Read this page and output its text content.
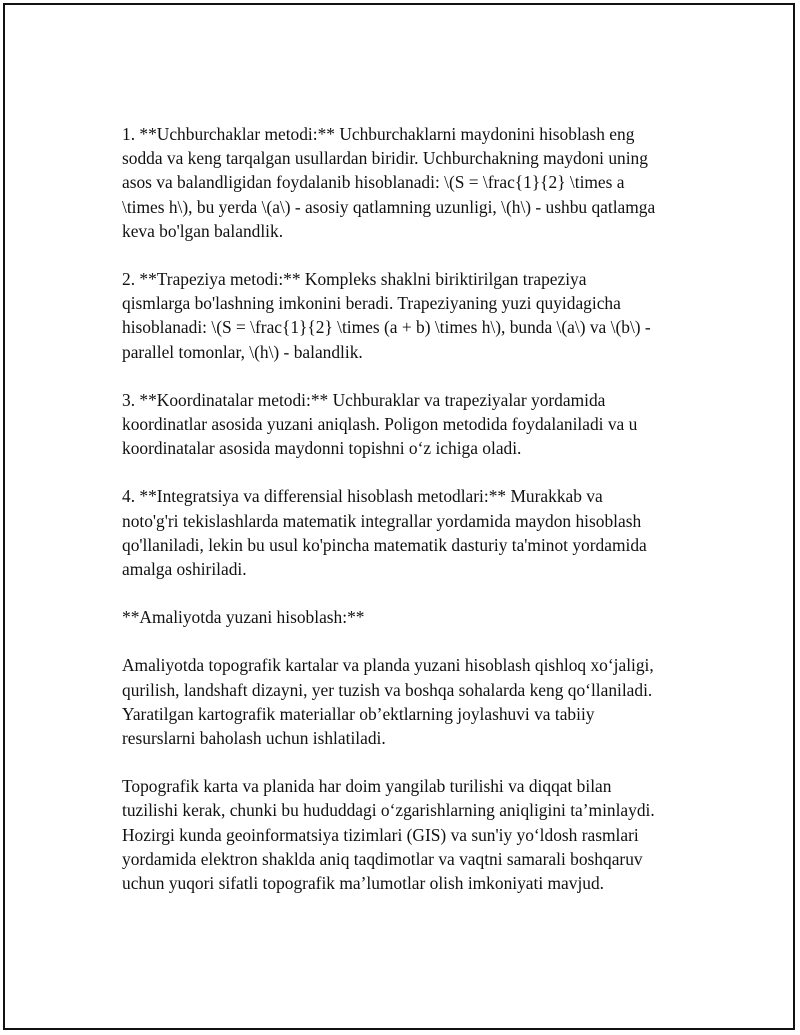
1. **Uchburchaklar metodi:** Uchburchaklarni maydonini hisoblash eng
sodda va keng tarqalgan usullardan biridir. Uchburchakning maydoni uning
asos va balandligidan foydalanib hisoblanadi: \(S = \frac{1}{2} \times a
\times h\), bu yerda \(a\) - asosiy qatlamning uzunligi, \(h\) - ushbu qatlamga
keva bo'lgan balandlik.

2. **Trapeziya metodi:** Kompleks shaklni biriktirilgan trapeziya
qismlarga bo'lashning imkonini beradi. Trapeziyaning yuzi quyidagicha
hisoblanadi: \(S = \frac{1}{2} \times (a + b) \times h\), bunda \(a\) va \(b\) -
parallel tomonlar, \(h\) - balandlik.

3. **Koordinatalar metodi:** Uchburaklar va trapeziyalar yordamida
koordinatlar asosida yuzani aniqlash. Poligon metodida foydalaniladi va u
koordinatalar asosida maydonni topishni o‘z ichiga oladi.

4. **Integratsiya va differensial hisoblash metodlari:** Murakkab va
noto'g'ri tekislashlarda matematik integrallar yordamida maydon hisoblash
qo'llaniladi, lekin bu usul ko'pincha matematik dasturiy ta'minot yordamida
amalga oshiriladi.

**Amaliyotda yuzani hisoblash:**

Amaliyotda topografik kartalar va planda yuzani hisoblash qishloq xo‘jaligi,
qurilish, landshaft dizayni, yer tuzish va boshqa sohalarda keng qo‘llaniladi.
Yaratilgan kartografik materiallar ob’ektlarning joylashuvi va tabiiy
resurslarni baholash uchun ishlatiladi.

Topografik karta va planida har doim yangilab turilishi va diqqat bilan
tuzilishi kerak, chunki bu hududdagi o‘zgarishlarning aniqligini ta’minlaydi.
Hozirgi kunda geoinformatsiya tizimlari (GIS) va sun'iy yo‘ldosh rasmlari
yordamida elektron shaklda aniq taqdimotlar va vaqtni samarali boshqaruv
uchun yuqori sifatli topografik ma’lumotlar olish imkoniyati mavjud.
